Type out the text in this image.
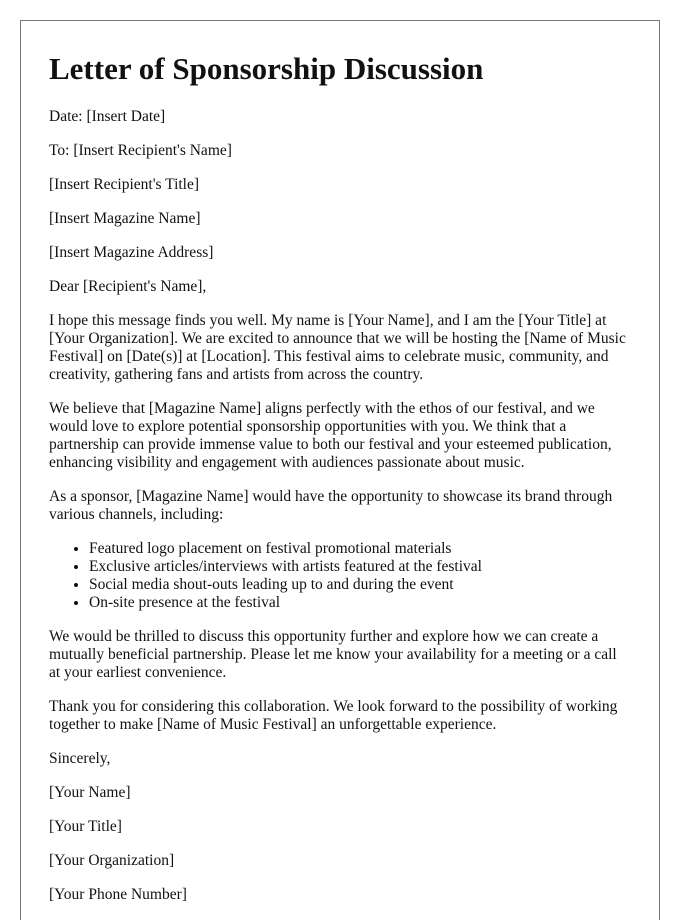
Letter of Sponsorship Discussion

Date: [Insert Date]

To: [Insert Recipient's Name]

[Insert Recipient's Title]

[Insert Magazine Name]

[Insert Magazine Address]

Dear [Recipient's Name],

I hope this message finds you well. My name is [Your Name], and I am the [Your Title] at [Your Organization]. We are excited to announce that we will be hosting the [Name of Music Festival] on [Date(s)] at [Location]. This festival aims to celebrate music, community, and creativity, gathering fans and artists from across the country.

We believe that [Magazine Name] aligns perfectly with the ethos of our festival, and we would love to explore potential sponsorship opportunities with you. We think that a partnership can provide immense value to both our festival and your esteemed publication, enhancing visibility and engagement with audiences passionate about music.

As a sponsor, [Magazine Name] would have the opportunity to showcase its brand through various channels, including:

• Featured logo placement on festival promotional materials
• Exclusive articles/interviews with artists featured at the festival
• Social media shout-outs leading up to and during the event
• On-site presence at the festival

We would be thrilled to discuss this opportunity further and explore how we can create a mutually beneficial partnership. Please let me know your availability for a meeting or a call at your earliest convenience.

Thank you for considering this collaboration. We look forward to the possibility of working together to make [Name of Music Festival] an unforgettable experience.

Sincerely,

[Your Name]

[Your Title]

[Your Organization]

[Your Phone Number]
